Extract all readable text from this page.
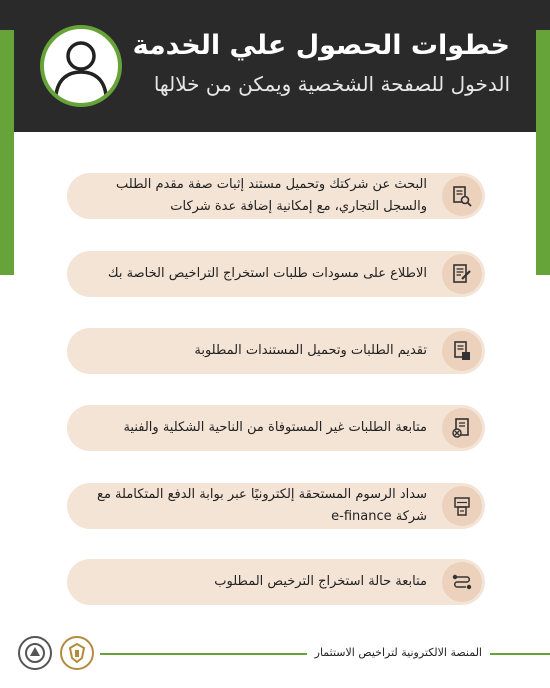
خطوات الحصول علي الخدمة
الدخول للصفحة الشخصية ويمكن من خلالها
البحث عن شركتك وتحميل مستند إثبات صفة مقدم الطلب والسجل التجاري، مع إمكانية إضافة عدة شركات
الاطلاع على مسودات طلبات استخراج التراخيص الخاصة بك
تقديم الطلبات وتحميل المستندات المطلوبة
متابعة الطلبات غير المستوفاة من الناحية الشكلية والفنية
سداد الرسوم المستحقة إلكترونيًا عبر بوابة الدفع المتكاملة مع شركة e-finance
متابعة حالة استخراج الترخيص المطلوب
المنصة الالكترونية لتراخيص الاستثمار
